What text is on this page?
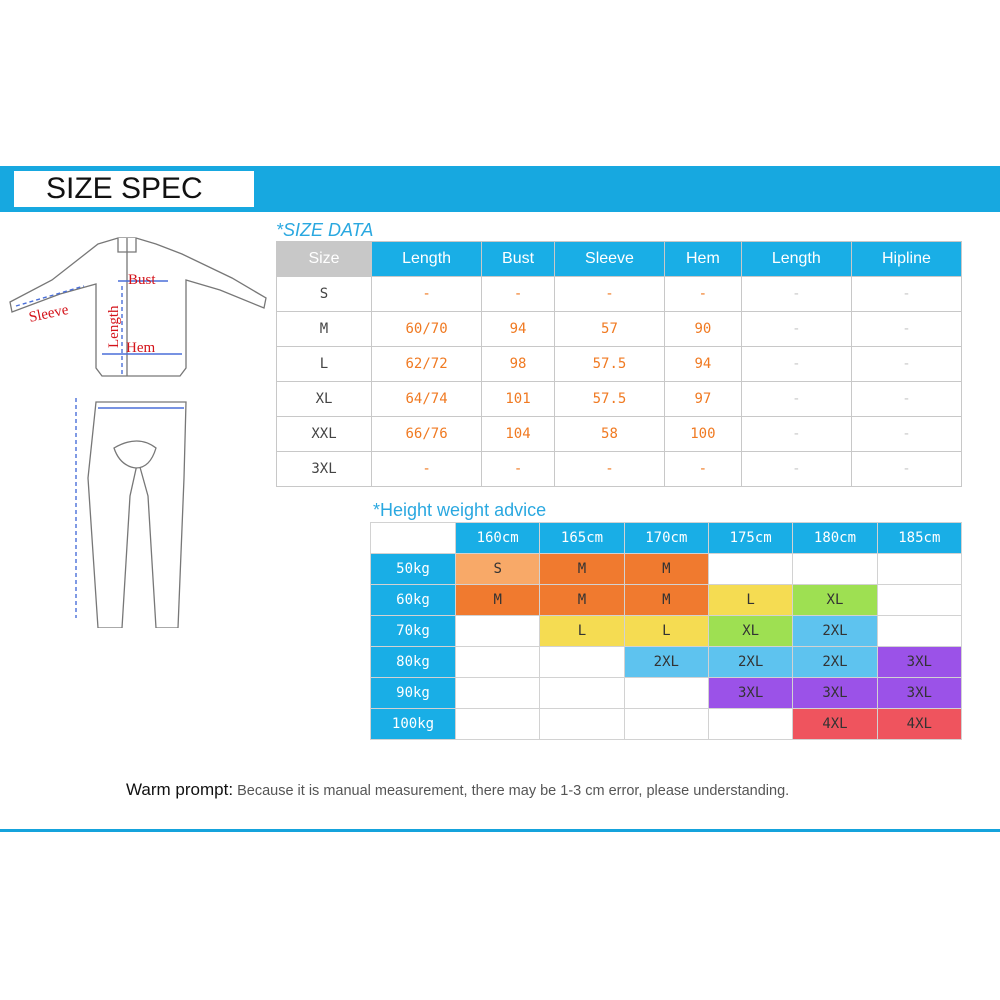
SIZE SPEC
Bust
Sleeve Length Hem
*SIZE DATA
Size	Length	Bust	Sleeve	Hem	Length	Hipline
S	-	-	-	-	-	-
M	60/70	94	57	90	-	-
L	62/72	98	57.5	94	-	-
XL	64/74	101	57.5	97	-	-
XXL	66/76	104	58	100	-	-
3XL	-	-	-	-	-	-
*Height weight advice
	160cm	165cm	170cm	175cm	180cm	185cm
50kg	S	M	M			
60kg	M	M	M	L	XL	
70kg		L	L	XL	2XL	
80kg			2XL	2XL	2XL	3XL
90kg				3XL	3XL	3XL
100kg					4XL	4XL
Warm prompt: Because it is manual measurement, there may be 1-3 cm error, please understanding.
